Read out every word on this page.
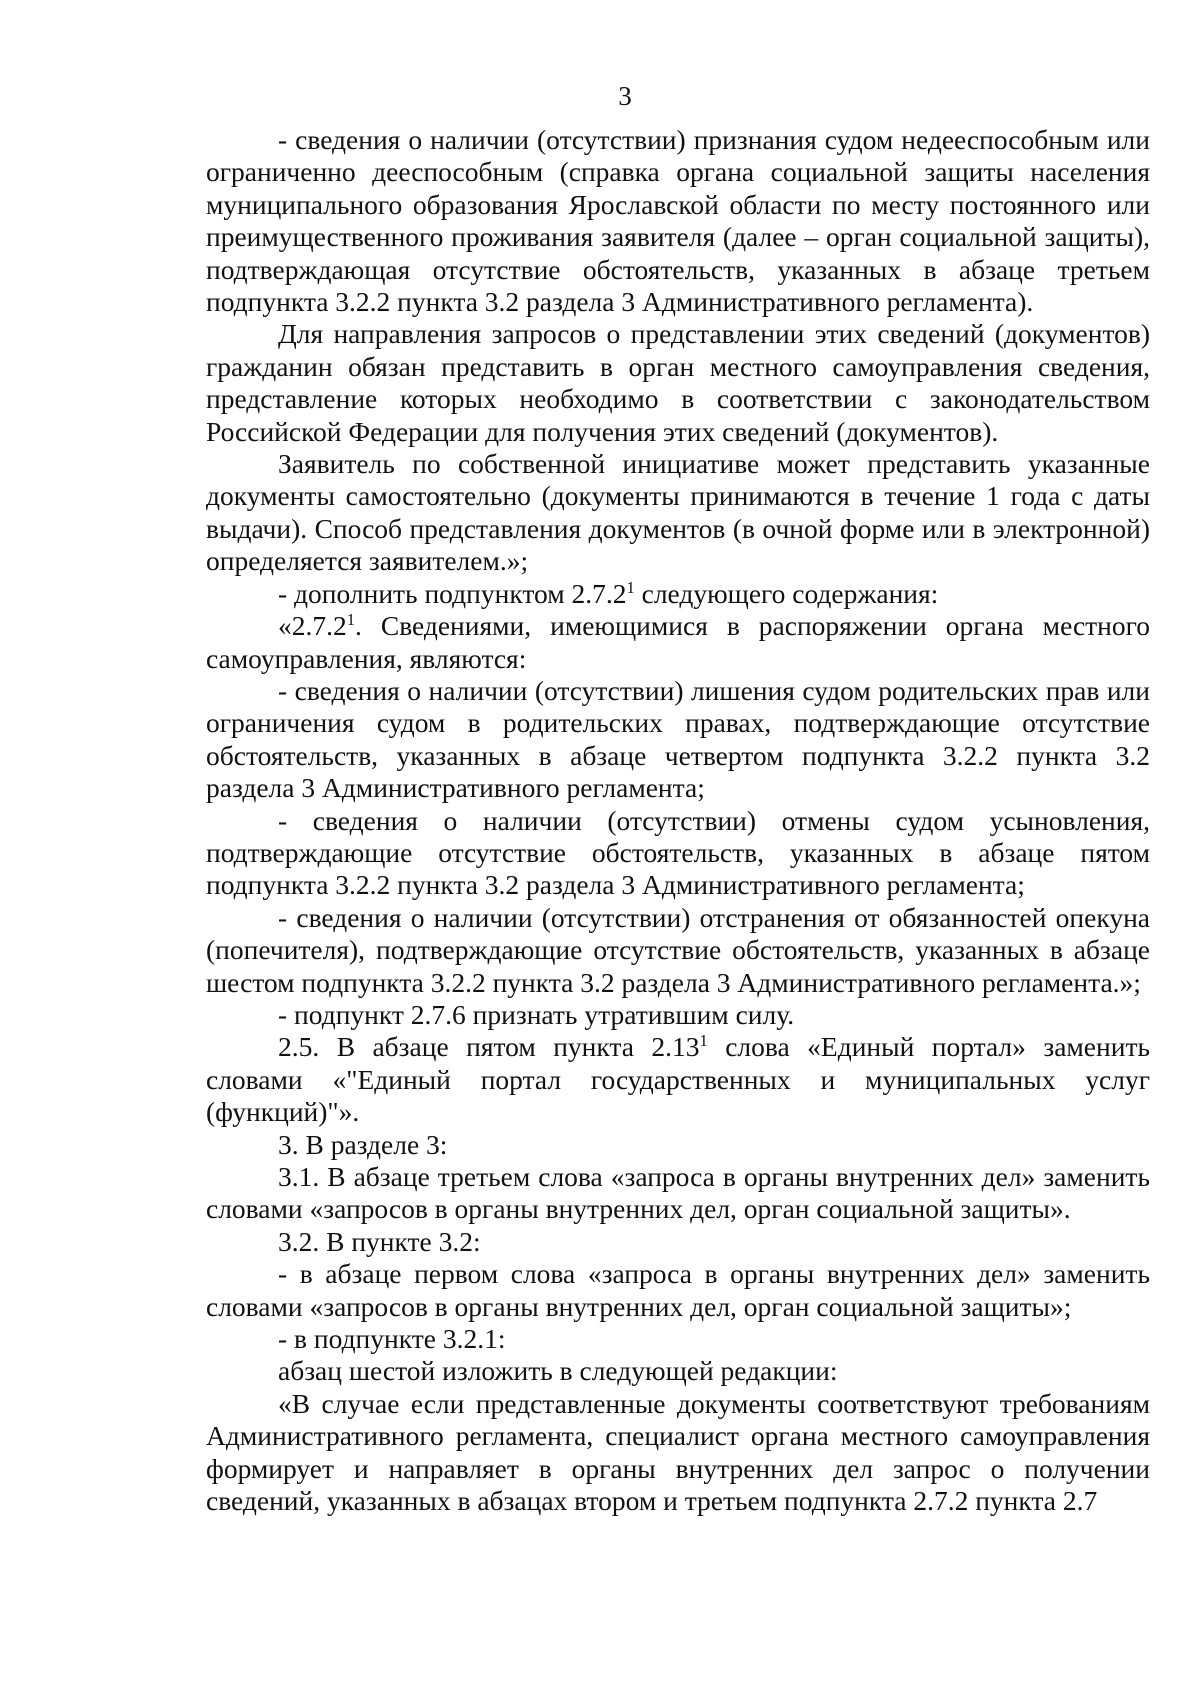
3

- сведения о наличии (отсутствии) признания судом недееспособным или ограниченно дееспособным (справка органа социальной защиты населения муниципального образования Ярославской области по месту постоянного или преимущественного проживания заявителя (далее – орган социальной защиты), подтверждающая отсутствие обстоятельств, указанных в абзаце третьем подпункта 3.2.2 пункта 3.2 раздела 3 Административного регламента).

Для направления запросов о представлении этих сведений (документов) гражданин обязан представить в орган местного самоуправления сведения, представление которых необходимо в соответствии с законодательством Российской Федерации для получения этих сведений (документов).

Заявитель по собственной инициативе может представить указанные документы самостоятельно (документы принимаются в течение 1 года с даты выдачи). Способ представления документов (в очной форме или в электронной) определяется заявителем.»;

- дополнить подпунктом 2.7.2$^1$ следующего содержания:

«2.7.2$^1$. Сведениями, имеющимися в распоряжении органа местного самоуправления, являются:

- сведения о наличии (отсутствии) лишения судом родительских прав или ограничения судом в родительских правах, подтверждающие отсутствие обстоятельств, указанных в абзаце четвертом подпункта 3.2.2 пункта 3.2 раздела 3 Административного регламента;

- сведения о наличии (отсутствии) отмены судом усыновления, подтверждающие отсутствие обстоятельств, указанных в абзаце пятом подпункта 3.2.2 пункта 3.2 раздела 3 Административного регламента;

- сведения о наличии (отсутствии) отстранения от обязанностей опекуна (попечителя), подтверждающие отсутствие обстоятельств, указанных в абзаце шестом подпункта 3.2.2 пункта 3.2 раздела 3 Административного регламента.»;

- подпункт 2.7.6 признать утратившим силу.

2.5. В абзаце пятом пункта 2.13$^1$ слова «Единый портал» заменить словами «"Единый портал государственных и муниципальных услуг (функций)"».

3. В разделе 3:

3.1. В абзаце третьем слова «запроса в органы внутренних дел» заменить словами «запросов в органы внутренних дел, орган социальной защиты».

3.2. В пункте 3.2:

- в абзаце первом слова «запроса в органы внутренних дел» заменить словами «запросов в органы внутренних дел, орган социальной защиты»;

- в подпункте 3.2.1:

абзац шестой изложить в следующей редакции:

«В случае если представленные документы соответствуют требованиям Административного регламента, специалист органа местного самоуправления формирует и направляет в органы внутренних дел запрос о получении сведений, указанных в абзацах втором и третьем подпункта 2.7.2 пункта 2.7
